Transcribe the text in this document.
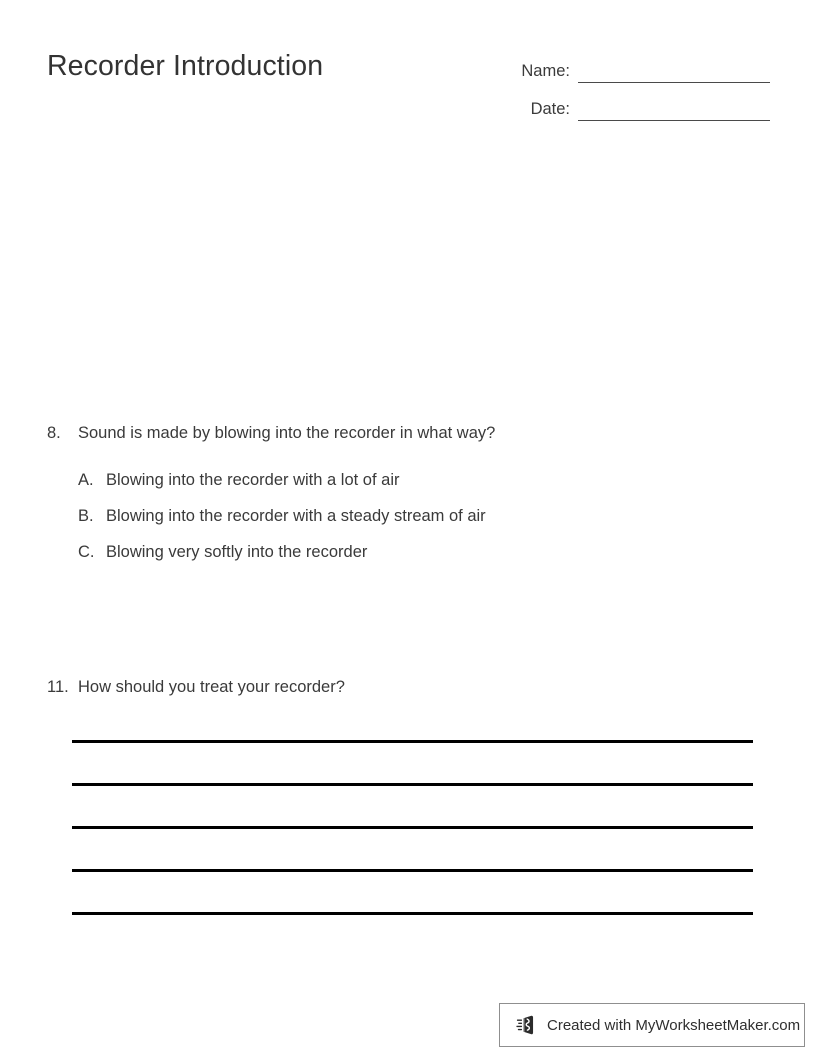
Recorder Introduction	Name:
Date:
8.	Sound is made by blowing into the recorder in what way?
A. Blowing into the recorder with a lot of air
B. Blowing into the recorder with a steady stream of air
C. Blowing very softly into the recorder
11. How should you treat your recorder?
Created with MyWorksheetMaker.com
